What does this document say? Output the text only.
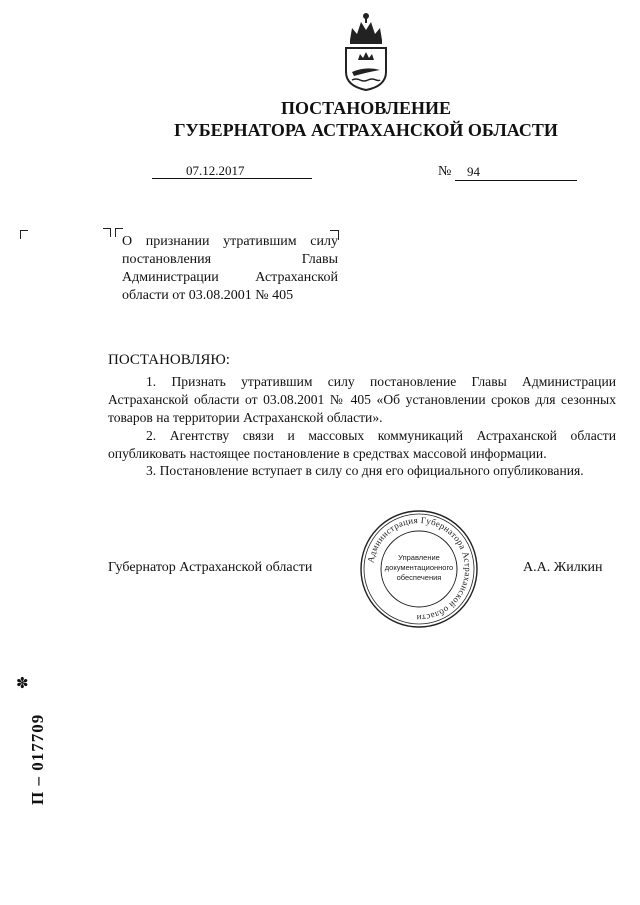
ПОСТАНОВЛЕНИЕ
ГУБЕРНАТОРА АСТРАХАНСКОЙ ОБЛАСТИ
07.12.2017	№ 94
О признании утратившим силу постановления Главы Администрации Астраханской области от 03.08.2001 № 405
ПОСТАНОВЛЯЮ:

1. Признать утратившим силу постановление Главы Администрации Астраханской области от 03.08.2001 № 405 «Об установлении сроков для сезонных товаров на территории Астраханской области».

2. Агентству связи и массовых коммуникаций Астраханской области опубликовать настоящее постановление в средствах массовой информации.

3. Постановление вступает в силу со дня его официального опубликования.

Губернатор Астраханской области	А.А. Жилкин
Администрация Губернатора Астраханской области
Управление
документационного
обеспечения
✽
П – 017709
